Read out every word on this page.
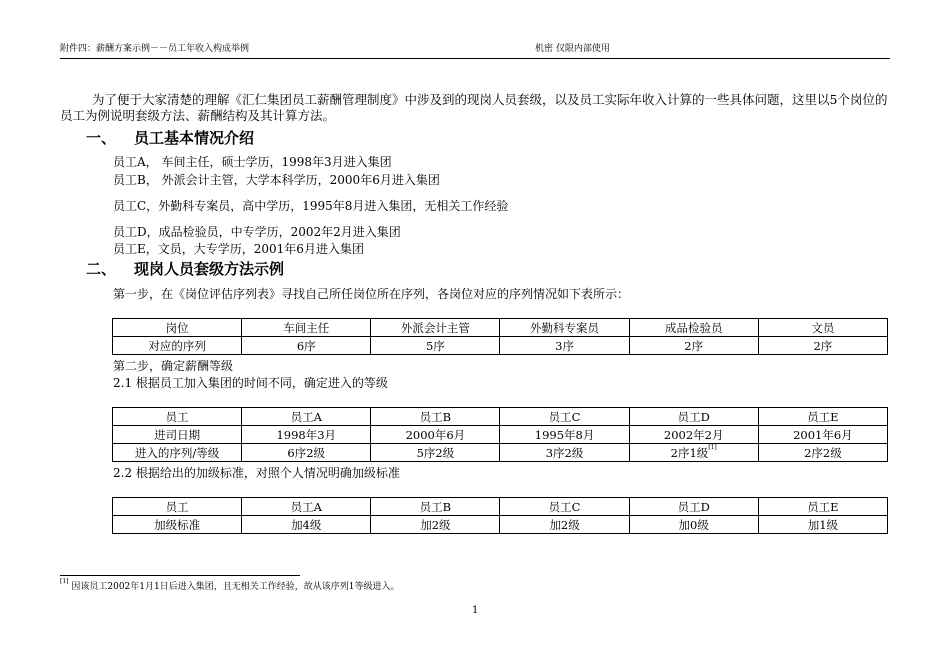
附件四：薪酬方案示例－－员工年收入构成举例	机密 仅限内部使用
为了便于大家清楚的理解《汇仁集团员工薪酬管理制度》中涉及到的现岗人员套级，以及员工实际年收入计算的一些具体问题，这里以5个岗位的员工为例说明套级方法、薪酬结构及其计算方法。
一、 员工基本情况介绍
员工A， 车间主任，硕士学历，1998年3月进入集团
员工B， 外派会计主管，大学本科学历，2000年6月进入集团
员工C，外勤科专案员，高中学历，1995年8月进入集团，无相关工作经验
员工D，成品检验员，中专学历，2002年2月进入集团
员工E，文员，大专学历，2001年6月进入集团
二、 现岗人员套级方法示例
第一步，在《岗位评估序列表》寻找自己所任岗位所在序列，各岗位对应的序列情况如下表所示：
岗位	车间主任	外派会计主管	外勤科专案员	成品检验员	文员
对应的序列	6序	5序	3序	2序	2序
第二步，确定薪酬等级
2.1 根据员工加入集团的时间不同，确定进入的等级
员工	员工A	员工B	员工C	员工D	员工E
进司日期	1998年3月	2000年6月	1995年8月	2002年2月	2001年6月
进入的序列/等级	6序2级	5序2级	3序2级	2序1级[1]	2序2级
2.2 根据给出的加级标准，对照个人情况明确加级标准
员工	员工A	员工B	员工C	员工D	员工E
加级标准	加4级	加2级	加2级	加0级	加1级
[1] 因该员工2002年1月1日后进入集团，且无相关工作经验，故从该序列1等级进入。
1
